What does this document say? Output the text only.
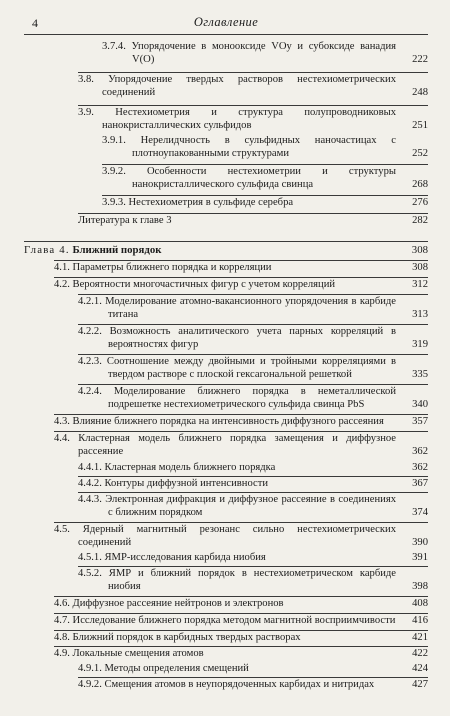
4	Оглавление
3.7.4. Упорядочение в монооксиде VOy и субоксиде ванадия V(O)	222
3.8. Упорядочение твердых растворов нестехиометрических соединений	248
3.9. Нестехиометрия и структура полупроводниковых нанокристаллических сульфидов	251
3.9.1. Нерелидчность в сульфидных наночастицах с плотноупакованными структурами	252
3.9.2. Особенности нестехиометрии и структуры нанокристаллического сульфида свинца	268
3.9.3. Нестехиометрия в сульфиде серебра	276
Литература к главе 3	282
Глава 4. Ближний порядок	308
4.1. Параметры ближнего порядка и корреляции	308
4.2. Вероятности многочастичных фигур с учетом корреляций	312
4.2.1. Моделирование атомно-вакансионного упорядочения в карбиде титана	313
4.2.2. Возможность аналитического учета парных корреляций в вероятностях фигур	319
4.2.3. Соотношение между двойными и тройными корреляциями в твердом растворе с плоской гексагональной решеткой	335
4.2.4. Моделирование ближнего порядка в неметаллической подрешетке нестехиометрического сульфида свинца PbS	340
4.3. Влияние ближнего порядка на интенсивность диффузного рассеяния	357
4.4. Кластерная модель ближнего порядка замещения и диффузное рассеяние	362
4.4.1. Кластерная модель ближнего порядка	362
4.4.2. Контуры диффузной интенсивности	367
4.4.3. Электронная дифракция и диффузное рассеяние в соединениях с ближним порядком	374
4.5. Ядерный магнитный резонанс сильно нестехиометрических соединений	390
4.5.1. ЯМР-исследования карбида ниобия	391
4.5.2. ЯМР и ближний порядок в нестехиометрическом карбиде ниобия	398
4.6. Диффузное рассеяние нейтронов и электронов	408
4.7. Исследование ближнего порядка методом магнитной восприимчивости	416
4.8. Ближний порядок в карбидных твердых растворах	421
4.9. Локальные смещения атомов	422
4.9.1. Методы определения смещений	424
4.9.2. Смещения атомов в неупорядоченных карбидах и нитридах	427
